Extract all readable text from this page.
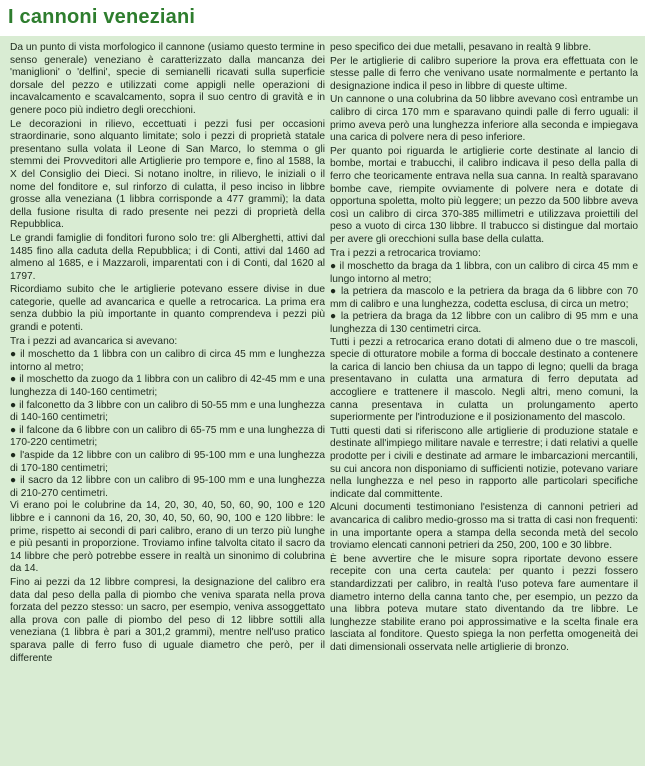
I cannoni veneziani

Da un punto di vista morfologico il cannone (usiamo questo termine in senso generale) veneziano è caratterizzato dalla mancanza dei 'maniglioni' o 'delfini', specie di semianelli ricavati sulla superficie dorsale del pezzo e utilizzati come appigli nelle operazioni di incavalcamento e scavalcamento, sopra il suo centro di gravità e in genere poco più indietro degli orecchioni.

Le decorazioni in rilievo, eccettuati i pezzi fusi per occasioni straordinarie, sono alquanto limitate; solo i pezzi di proprietà statale presentano sulla volata il Leone di San Marco, lo stemma o gli stemmi dei Provveditori alle Artiglierie pro tempore e, fino al 1588, la X del Consiglio dei Dieci. Si notano inoltre, in rilievo, le iniziali o il nome del fonditore e, sul rinforzo di culatta, il peso inciso in libbre grosse alla veneziana (1 libbra corrisponde a 477 grammi); la data della fusione risulta di rado presente nei pezzi di proprietà della Repubblica.

Le grandi famiglie di fonditori furono solo tre: gli Alberghetti, attivi dal 1485 fino alla caduta della Repubblica; i di Conti, attivi dal 1460 ad almeno al 1685, e i Mazzaroli, imparentati con i di Conti, dal 1620 al 1797.

Ricordiamo subito che le artiglierie potevano essere divise in due categorie, quelle ad avancarica e quelle a retrocarica. La prima era senza dubbio la più importante in quanto comprendeva i pezzi più grandi e potenti.

Tra i pezzi ad avancarica si avevano:

● il moschetto da 1 libbra con un calibro di circa 45 mm e lunghezza intorno al metro;

● il moschetto da zuogo da 1 libbra con un calibro di 42-45 mm e una lunghezza di 140-160 centimetri;

● il falconetto da 3 libbre con un calibro di 50-55 mm e una lunghezza di 140-160 centimetri;

● il falcone da 6 libbre con un calibro di 65-75 mm e una lunghezza di 170-220 centimetri;

● l'aspide da 12 libbre con un calibro di 95-100 mm e una lunghezza di 170-180 centimetri;

● il sacro da 12 libbre con un calibro di 95-100 mm e una lunghezza di 210-270 centimetri.

Vi erano poi le colubrine da 14, 20, 30, 40, 50, 60, 90, 100 e 120 libbre e i cannoni da 16, 20, 30, 40, 50, 60, 90, 100 e 120 libbre: le prime, rispetto ai secondi di pari calibro, erano di un terzo più lunghe e più pesanti in proporzione. Troviamo infine talvolta citato il sacro da 14 libbre che però potrebbe essere in realtà un sinonimo di colubrina da 14.

Fino ai pezzi da 12 libbre compresi, la designazione del calibro era data dal peso della palla di piombo che veniva sparata nella prova forzata del pezzo stesso: un sacro, per esempio, veniva assoggettato alla prova con palle di piombo del peso di 12 libbre sottili alla veneziana (1 libbra è pari a 301,2 grammi), mentre nell'uso pratico sparava palle di ferro fuso di uguale diametro che però, per il differente

peso specifico dei due metalli, pesavano in realtà 9 libbre.

Per le artiglierie di calibro superiore la prova era effettuata con le stesse palle di ferro che venivano usate normalmente e pertanto la designazione indica il peso in libbre di queste ultime.

Un cannone o una colubrina da 50 libbre avevano così entrambe un calibro di circa 170 mm e sparavano quindi palle di ferro uguali: il primo aveva però una lunghezza inferiore alla seconda e impiegava una carica di polvere nera di peso inferiore.

Per quanto poi riguarda le artiglierie corte destinate al lancio di bombe, mortai e trabucchi, il calibro indicava il peso della palla di ferro che teoricamente entrava nella sua canna. In realtà sparavano bombe cave, riempite ovviamente di polvere nera e dotate di opportuna spoletta, molto più leggere; un pezzo da 500 libbre aveva così un calibro di circa 370-385 millimetri e utilizzava proiettili del peso a vuoto di circa 130 libbre. Il trabucco si distingue dal mortaio per avere gli orecchioni sulla base della culatta.

Tra i pezzi a retrocarica troviamo:

● il moschetto da braga da 1 libbra, con un calibro di circa 45 mm e lungo intorno al metro;

● la petriera da mascolo e la petriera da braga da 6 libbre con 70 mm di calibro e una lunghezza, codetta esclusa, di circa un metro;

● la petriera da braga da 12 libbre con un calibro di 95 mm e una lunghezza di 130 centimetri circa.

Tutti i pezzi a retrocarica erano dotati di almeno due o tre mascoli, specie di otturatore mobile a forma di boccale destinato a contenere la carica di lancio ben chiusa da un tappo di legno; quelli da braga presentavano in culatta una armatura di ferro deputata ad accogliere e trattenere il mascolo. Negli altri, meno comuni, la canna presentava in culatta un prolungamento aperto superiormente per l'introduzione e il posizionamento del mascolo.

Tutti questi dati si riferiscono alle artiglierie di produzione statale e destinate all'impiego militare navale e terrestre; i dati relativi a quelle prodotte per i civili e destinate ad armare le imbarcazioni mercantili, su cui ancora non disponiamo di sufficienti notizie, potevano variare nella lunghezza e nel peso in rapporto alle particolari specifiche indicate dal committente.

Alcuni documenti testimoniano l'esistenza di cannoni petrieri ad avancarica di calibro medio-grosso ma si tratta di casi non frequenti: in una importante opera a stampa della seconda metà del secolo troviamo elencati cannoni petrieri da 250, 200, 100 e 30 libbre.

È bene avvertire che le misure sopra riportate devono essere recepite con una certa cautela: per quanto i pezzi fossero standardizzati per calibro, in realtà l'uso poteva fare aumentare il diametro interno della canna tanto che, per esempio, un pezzo da una libbra poteva mutare stato diventando da tre libbre. Le lunghezze stabilite erano poi approssimative e la scelta finale era lasciata al fonditore. Questo spiega la non perfetta omogeneità dei dati dimensionali osservata nelle artiglierie di bronzo.
